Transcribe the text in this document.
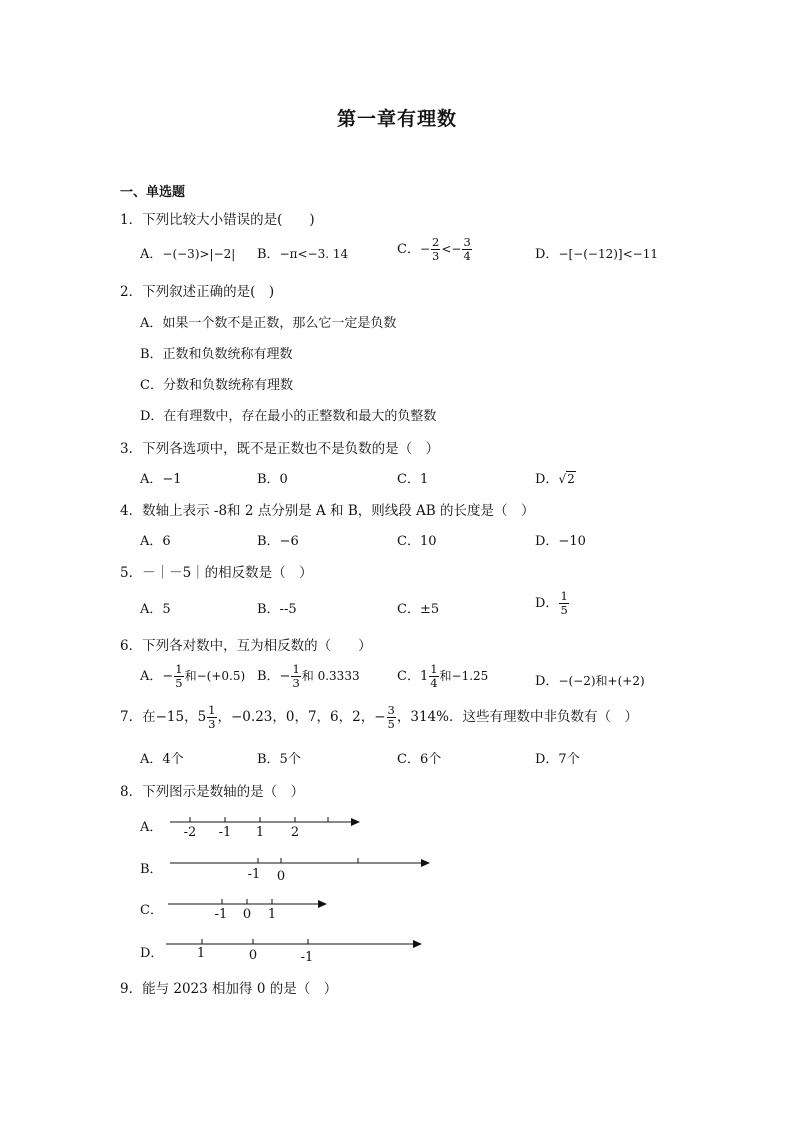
第一章有理数
一、单选题
1．下列比较大小错误的是(　　)
A．−(−3)>|−2| B．−π<−3. 14	C．− $\frac{2}{3} <- \frac{3}{4}$	D．−[−(−12)]<−11
2．下列叙述正确的是(　)
A．如果一个数不是正数，那么它一定是负数
B．正数和负数统称有理数
C．分数和负数统称有理数
D．在有理数中，存在最小的正整数和最大的负整数
3．下列各选项中，既不是正数也不是负数的是（　）
A．−1	B．0	C．1	D．√2
4．数轴上表示 -8和 2 点分别是 A 和 B，则线段 AB 的长度是（　）
A．6	B．−6	C．10	D．−10
5．－｜－5｜的相反数是（　）
A．5	B．--5	C．±5	D． $\frac{1}{5}$
6．下列各对数中，互为相反数的（　　）
A．− $\frac{1}{5}$ 和−(+0.5) B．− $\frac{1}{3}$ 和 0.3333	C．$1 \frac{1}{4}$ 和−1.25	D．−(−2)和+(+2)
7．在−15，$5 \frac{1}{3}$ ，−0.23，0，7，6，2，− $\frac{3}{5}$ ，314%．这些有理数中非负数有（　）
A．4个	B．5个	C．6个	D．7个
8．下列图示是数轴的是（　）
A． -2 -1 1 2
B．	-1 0
C．	-1 0 1
D．	1	0	-1
9．能与 2023 相加得 0 的是（　）
